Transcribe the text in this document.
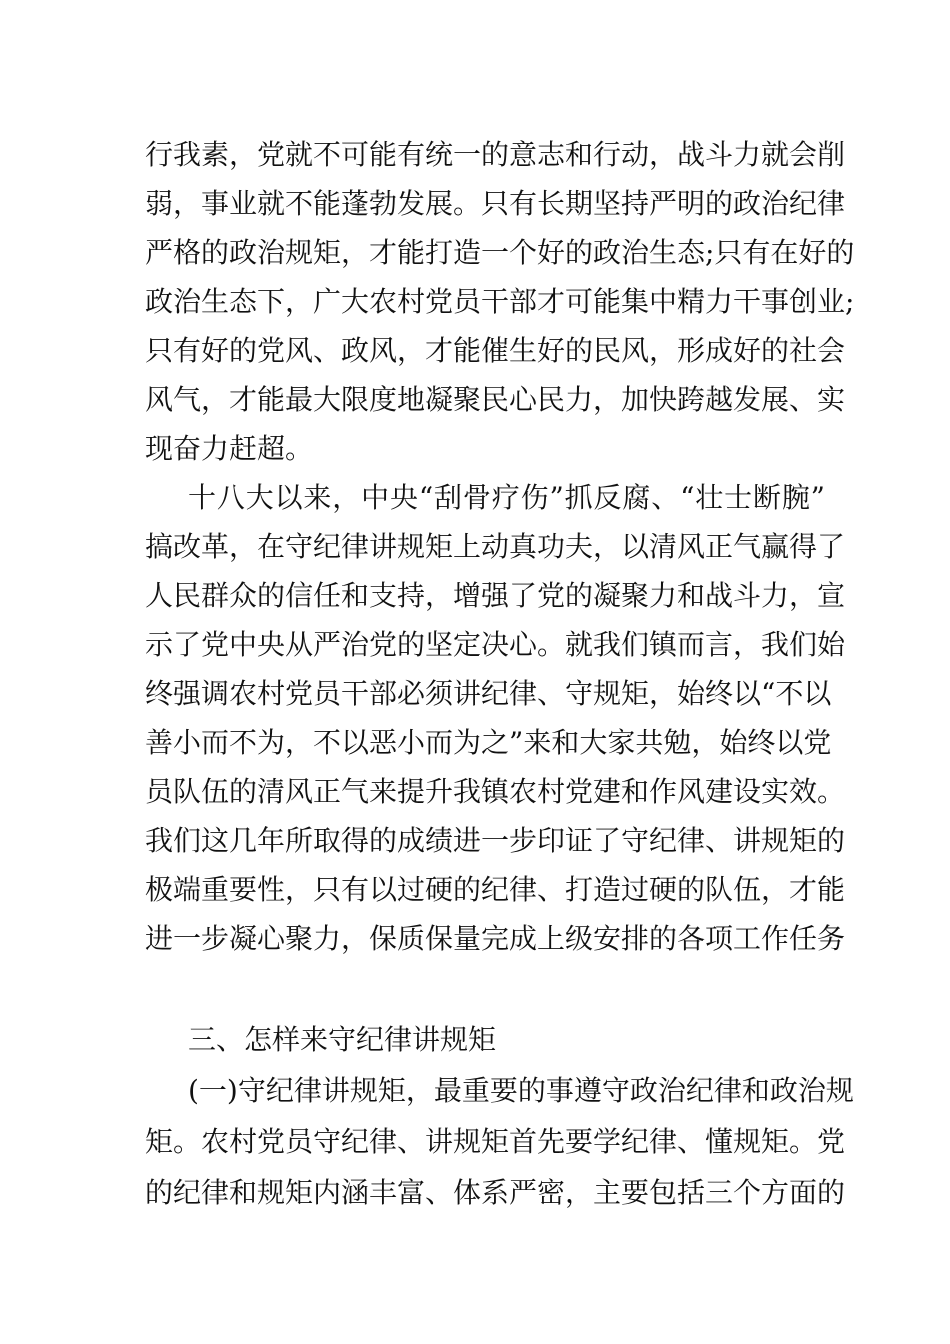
行我素，党就不可能有统一的意志和行动，战斗力就会削
弱，事业就不能蓬勃发展。只有长期坚持严明的政治纪律
严格的政治规矩，才能打造一个好的政治生态;只有在好的
政治生态下，广大农村党员干部才可能集中精力干事创业;
只有好的党风、政风，才能催生好的民风，形成好的社会
风气，才能最大限度地凝聚民心民力，加快跨越发展、实
现奋力赶超。
十八大以来，中央“刮骨疗伤”抓反腐、“壮士断腕”
搞改革，在守纪律讲规矩上动真功夫，以清风正气赢得了
人民群众的信任和支持，增强了党的凝聚力和战斗力，宣
示了党中央从严治党的坚定决心。就我们镇而言，我们始
终强调农村党员干部必须讲纪律、守规矩，始终以“不以
善小而不为，不以恶小而为之”来和大家共勉，始终以党
员队伍的清风正气来提升我镇农村党建和作风建设实效。
我们这几年所取得的成绩进一步印证了守纪律、讲规矩的
极端重要性，只有以过硬的纪律、打造过硬的队伍，才能
进一步凝心聚力，保质保量完成上级安排的各项工作任务
三、怎样来守纪律讲规矩
(一)守纪律讲规矩，最重要的事遵守政治纪律和政治规
矩。农村党员守纪律、讲规矩首先要学纪律、懂规矩。党
的纪律和规矩内涵丰富、体系严密，主要包括三个方面的
